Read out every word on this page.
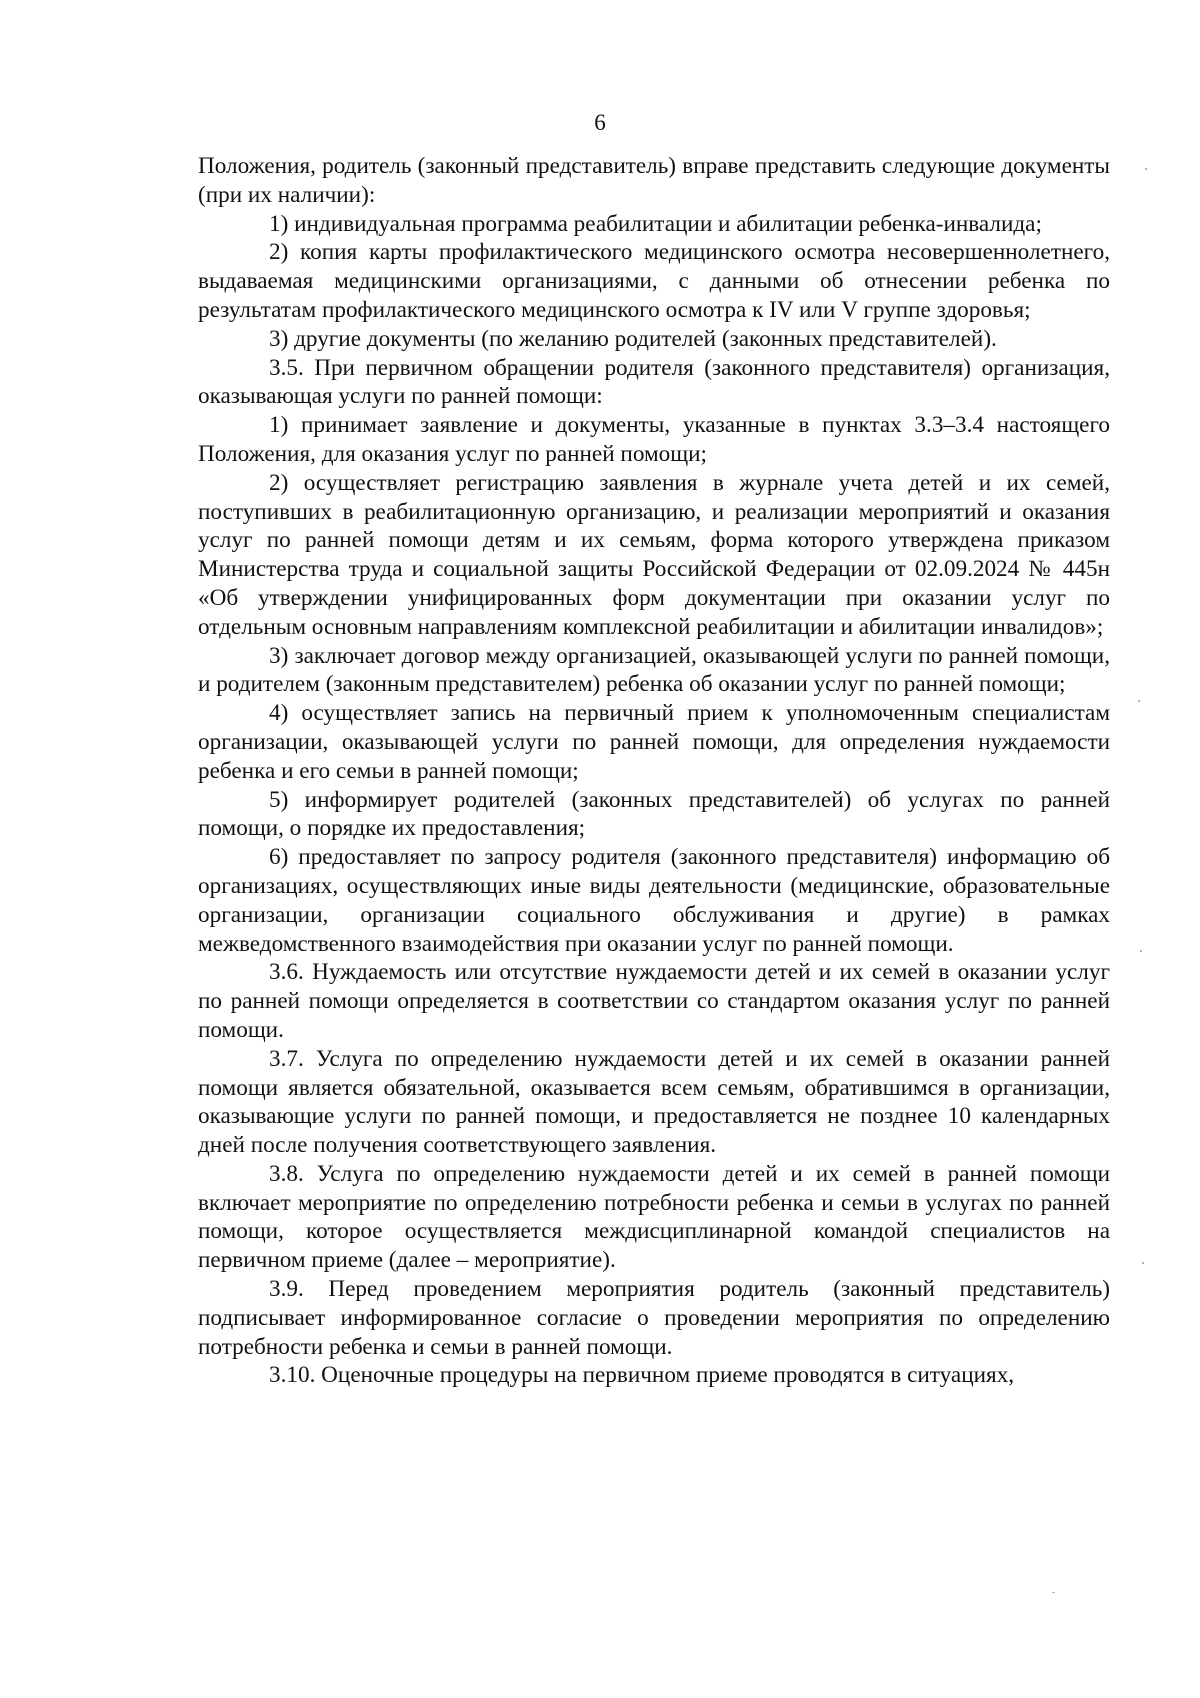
6

Положения, родитель (законный представитель) вправе представить следующие документы (при их наличии):

1) индивидуальная программа реабилитации и абилитации ребенка-инвалида;

2) копия карты профилактического медицинского осмотра несовершеннолетнего, выдаваемая медицинскими организациями, с данными об отнесении ребенка по результатам профилактического медицинского осмотра к IV или V группе здоровья;

3) другие документы (по желанию родителей (законных представителей).

3.5. При первичном обращении родителя (законного представителя) организация, оказывающая услуги по ранней помощи:

1) принимает заявление и документы, указанные в пунктах 3.3–3.4 настоящего Положения, для оказания услуг по ранней помощи;

2) осуществляет регистрацию заявления в журнале учета детей и их семей, поступивших в реабилитационную организацию, и реализации мероприятий и оказания услуг по ранней помощи детям и их семьям, форма которого утверждена приказом Министерства труда и социальной защиты Российской Федерации от 02.09.2024 № 445н «Об утверждении унифицированных форм документации при оказании услуг по отдельным основным направлениям комплексной реабилитации и абилитации инвалидов»;

3) заключает договор между организацией, оказывающей услуги по ранней помощи, и родителем (законным представителем) ребенка об оказании услуг по ранней помощи;

4) осуществляет запись на первичный прием к уполномоченным специалистам организации, оказывающей услуги по ранней помощи, для определения нуждаемости ребенка и его семьи в ранней помощи;

5) информирует родителей (законных представителей) об услугах по ранней помощи, о порядке их предоставления;

6) предоставляет по запросу родителя (законного представителя) информацию об организациях, осуществляющих иные виды деятельности (медицинские, образовательные организации, организации социального обслуживания и другие) в рамках межведомственного взаимодействия при оказании услуг по ранней помощи.

3.6. Нуждаемость или отсутствие нуждаемости детей и их семей в оказании услуг по ранней помощи определяется в соответствии со стандартом оказания услуг по ранней помощи.

3.7. Услуга по определению нуждаемости детей и их семей в оказании ранней помощи является обязательной, оказывается всем семьям, обратившимся в организации, оказывающие услуги по ранней помощи, и предоставляется не позднее 10 календарных дней после получения соответствующего заявления.

3.8. Услуга по определению нуждаемости детей и их семей в ранней помощи включает мероприятие по определению потребности ребенка и семьи в услугах по ранней помощи, которое осуществляется междисциплинарной командой специалистов на первичном приеме (далее – мероприятие).

3.9. Перед проведением мероприятия родитель (законный представитель) подписывает информированное согласие о проведении мероприятия по определению потребности ребенка и семьи в ранней помощи.

3.10. Оценочные процедуры на первичном приеме проводятся в ситуациях,
